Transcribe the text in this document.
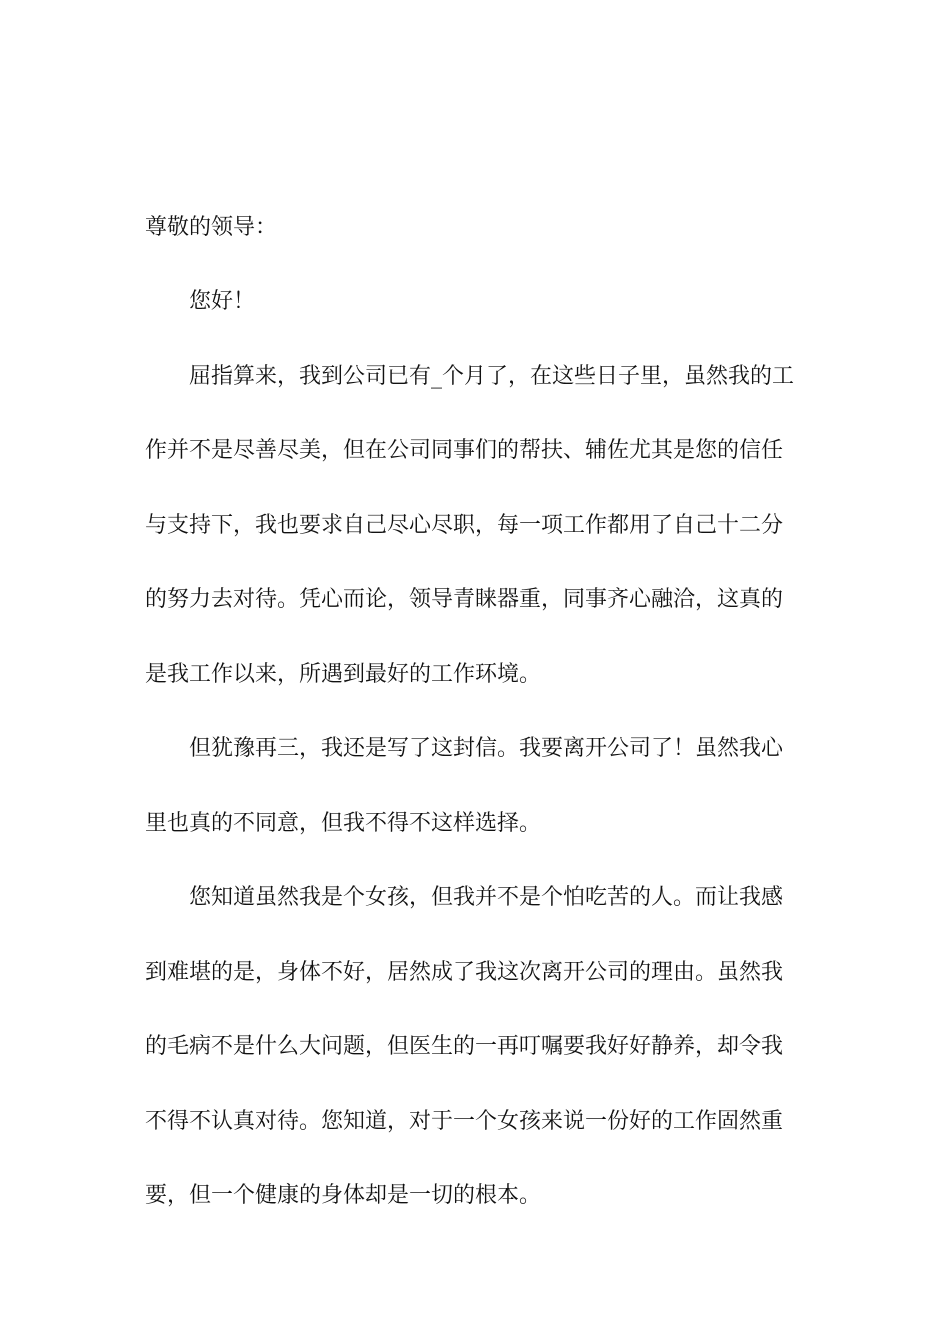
尊敬的领导：
您好！
屈指算来，我到公司已有_个月了，在这些日子里，虽然我的工
作并不是尽善尽美，但在公司同事们的帮扶、辅佐尤其是您的信任
与支持下，我也要求自己尽心尽职，每一项工作都用了自己十二分
的努力去对待。凭心而论，领导青睐器重，同事齐心融洽，这真的
是我工作以来，所遇到最好的工作环境。
但犹豫再三，我还是写了这封信。我要离开公司了！虽然我心
里也真的不同意，但我不得不这样选择。
您知道虽然我是个女孩，但我并不是个怕吃苦的人。而让我感
到难堪的是，身体不好，居然成了我这次离开公司的理由。虽然我
的毛病不是什么大问题，但医生的一再叮嘱要我好好静养，却令我
不得不认真对待。您知道，对于一个女孩来说一份好的工作固然重
要，但一个健康的身体却是一切的根本。
